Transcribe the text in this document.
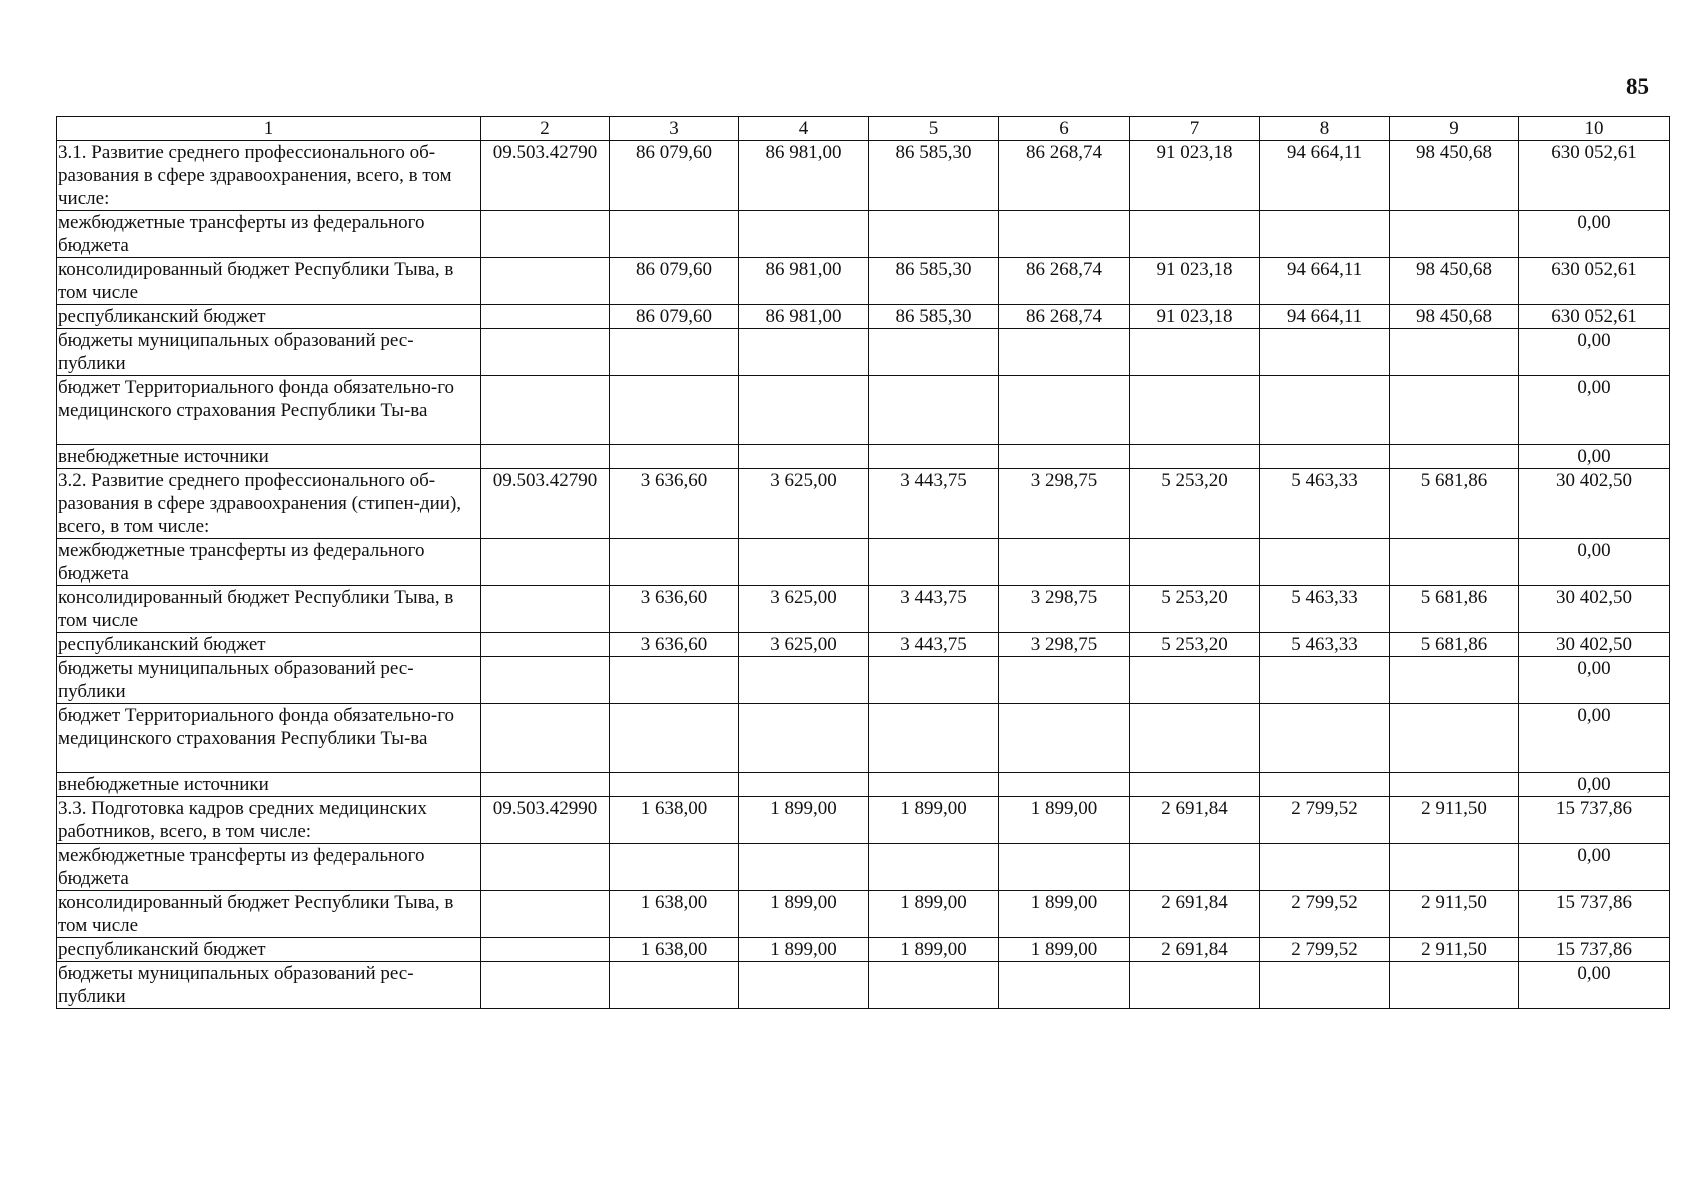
85
1	2	3	4	5	6	7	8	9	10
3.1. Развитие среднего профессионального об-разования в сфере здравоохранения, всего, в том числе:	09.503.42790	86 079,60	86 981,00	86 585,30	86 268,74	91 023,18	94 664,11	98 450,68	630 052,61
межбюджетные трансферты из федерального бюджета									0,00
консолидированный бюджет Республики Тыва, в том числе		86 079,60	86 981,00	86 585,30	86 268,74	91 023,18	94 664,11	98 450,68	630 052,61
республиканский бюджет		86 079,60	86 981,00	86 585,30	86 268,74	91 023,18	94 664,11	98 450,68	630 052,61
бюджеты муниципальных образований рес-публики									0,00
бюджет Территориального фонда обязательно-го медицинского страхования Республики Ты-ва									0,00
внебюджетные источники									0,00
3.2. Развитие среднего профессионального об-разования в сфере здравоохранения (стипен-дии), всего, в том числе:	09.503.42790	3 636,60	3 625,00	3 443,75	3 298,75	5 253,20	5 463,33	5 681,86	30 402,50
межбюджетные трансферты из федерального бюджета									0,00
консолидированный бюджет Республики Тыва, в том числе		3 636,60	3 625,00	3 443,75	3 298,75	5 253,20	5 463,33	5 681,86	30 402,50
республиканский бюджет		3 636,60	3 625,00	3 443,75	3 298,75	5 253,20	5 463,33	5 681,86	30 402,50
бюджеты муниципальных образований рес-публики									0,00
бюджет Территориального фонда обязательно-го медицинского страхования Республики Ты-ва									0,00
внебюджетные источники									0,00
3.3. Подготовка кадров средних медицинских работников, всего, в том числе:	09.503.42990	1 638,00	1 899,00	1 899,00	1 899,00	2 691,84	2 799,52	2 911,50	15 737,86
межбюджетные трансферты из федерального бюджета									0,00
консолидированный бюджет Республики Тыва, в том числе		1 638,00	1 899,00	1 899,00	1 899,00	2 691,84	2 799,52	2 911,50	15 737,86
республиканский бюджет		1 638,00	1 899,00	1 899,00	1 899,00	2 691,84	2 799,52	2 911,50	15 737,86
бюджеты муниципальных образований рес-публики									0,00
